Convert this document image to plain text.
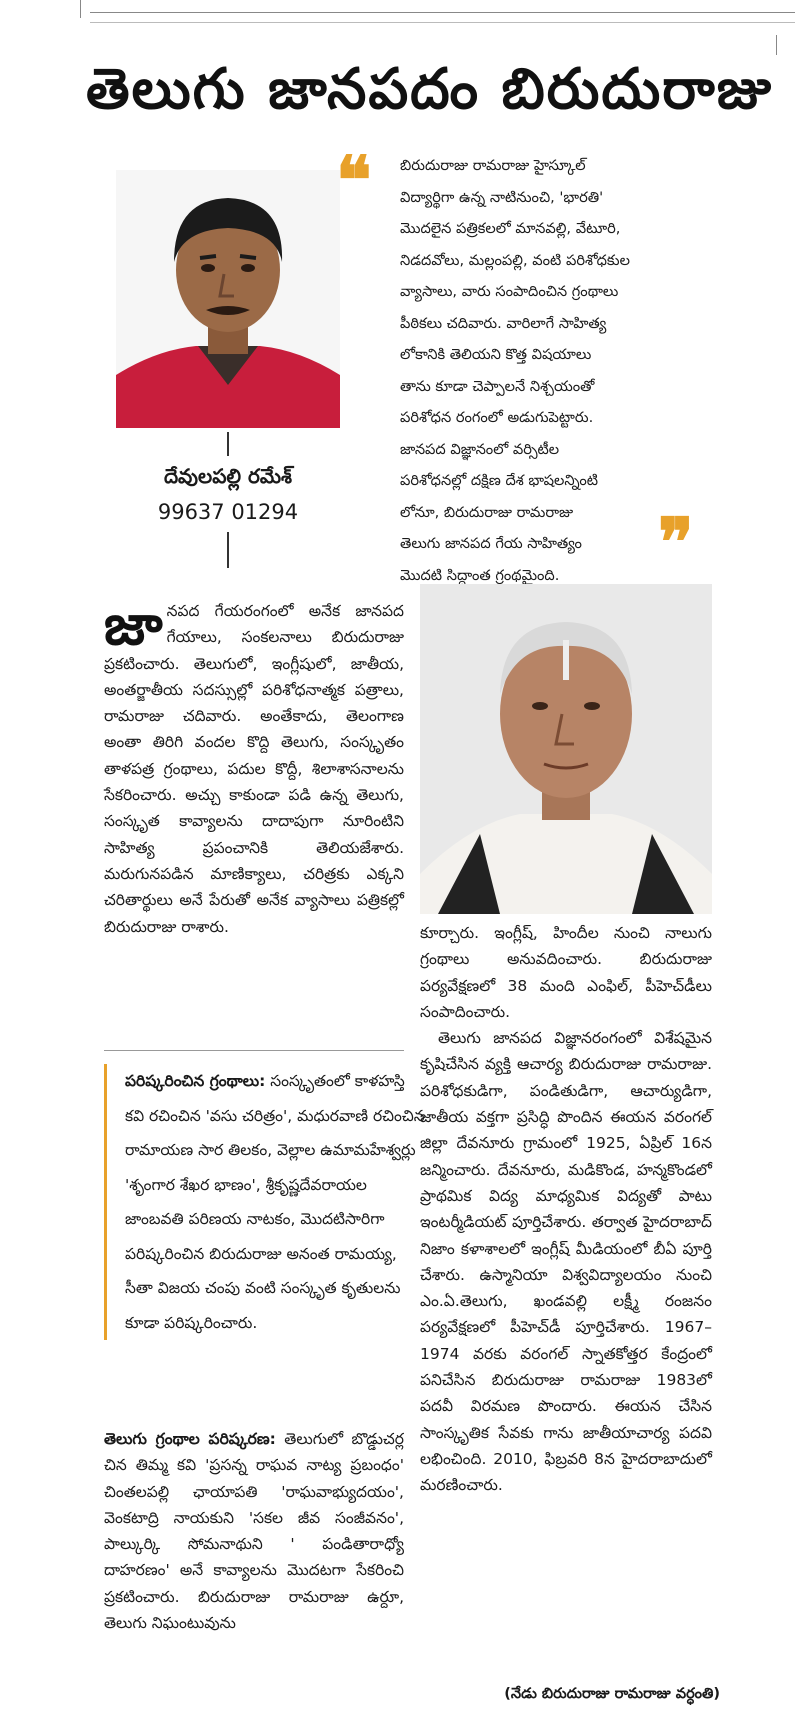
తెలుగు జానపదం బిరుదురాజు
దేవులపల్లి రమేశ్
99637 01294
❝ బిరుదురాజు రామరాజు హైస్కూల్
విద్యార్థిగా ఉన్న నాటినుంచి, 'భారతి'
మొదలైన పత్రికలలో మానవల్లి, వేటూరి,
నిడదవోలు, మల్లంపల్లి, వంటి పరిశోధకుల
వ్యాసాలు, వారు సంపాదించిన గ్రంథాలు
పీఠికలు చదివారు. వారిలాగే సాహిత్య
లోకానికి తెలియని కొత్త విషయాలు
తాను కూడా చెప్పాలనే నిశ్చయంతో
పరిశోధన రంగంలో అడుగుపెట్టారు.
జానపద విజ్ఞానంలో వర్సిటీల
పరిశోధనల్లో దక్షిణ దేశ భాషలన్నింటి
లోనూ, బిరుదురాజు రామరాజు
తెలుగు జానపద గేయ సాహిత్యం
మొదటి సిద్ధాంత గ్రంథమైంది.	❞

జానపద గేయరంగంలో అనేక జానపద గేయాలు, సంకలనాలు బిరుదురాజు ప్రకటించారు. తెలుగులో, ఇంగ్లీషులో, జాతీయ, అంతర్జాతీయ సదస్సుల్లో పరిశోధనాత్మక పత్రాలు, రామరాజు చదివారు. అంతేకాదు, తెలంగాణ అంతా తిరిగి వందల కొద్ది తెలుగు, సంస్కృతం తాళపత్ర గ్రంథాలు, పదుల కొద్దీ, శిలాశాసనాలను సేకరించారు. అచ్చు కాకుండా పడి ఉన్న తెలుగు, సంస్కృత కావ్యాలను దాదాపుగా నూరింటిని సాహిత్య ప్రపంచానికి తెలియజేశారు. మరుగునపడిన మాణిక్యాలు, చరిత్రకు ఎక్కని చరితార్థులు అనే పేరుతో అనేక వ్యాసాలు పత్రికల్లో బిరుదురాజు రాశారు.

పరిష్కరించిన గ్రంథాలు: సంస్కృతంలో కాళహస్తి కవి రచించిన 'వసు చరిత్రం', మధురవాణి రచించిన రామాయణ సార తిలకం, వెల్లాల ఉమామహేశ్వర్లు 'శృంగార శేఖర భాణం', శ్రీకృష్ణదేవరాయల జాంబవతి పరిణయ నాటకం, మొదటిసారిగా పరిష్కరించిన బిరుదురాజు అనంత రామయ్య, సీతా విజయ చంపు వంటి సంస్కృత కృతులను కూడా పరిష్కరించారు.

తెలుగు గ్రంథాల పరిష్కరణ: తెలుగులో బొడ్డుచర్ల చిన తిమ్మ కవి 'ప్రసన్న రాఘవ నాట్య ప్రబంధం' చింతలపల్లి ఛాయాపతి 'రాఘవాభ్యుదయం', వెంకటాద్రి నాయకుని 'సకల జీవ సంజీవనం', పాల్కుర్కి సోమనాథుని ' పండితారాధ్యో దాహరణం' అనే కావ్యాలను మొదటగా సేకరించి ప్రకటించారు. బిరుదురాజు రామరాజు ఉర్దూ, తెలుగు నిఘంటువును

కూర్చారు. ఇంగ్లీష్, హిందీల నుంచి నాలుగు గ్రంథాలు అనువదించారు. బిరుదురాజు పర్యవేక్షణలో 38 మంది ఎంఫిల్, పీహెచ్‌డీలు సంపాదించారు.

తెలుగు జానపద విజ్ఞానరంగంలో విశేషమైన కృషిచేసిన వ్యక్తి ఆచార్య బిరుదురాజు రామరాజు. పరిశోధకుడిగా, పండితుడిగా, ఆచార్యుడిగా, జాతీయ వక్తగా ప్రసిద్ధి పొందిన ఈయన వరంగల్ జిల్లా దేవనూరు గ్రామంలో 1925, ఏప్రిల్ 16న జన్మించారు. దేవనూరు, మడికొండ, హన్మకొండలో ప్రాథమిక విద్య మాధ్యమిక విద్యతో పాటు ఇంటర్మీడియట్ పూర్తిచేశారు. తర్వాత హైదరాబాద్ నిజాం కళాశాలలో ఇంగ్లీష్ మీడియంలో బీఏ పూర్తి చేశారు. ఉస్మానియా విశ్వవిద్యాలయం నుంచి ఎం.ఏ.తెలుగు, ఖండవల్లి లక్ష్మీ రంజనం పర్యవేక్షణలో పీహెచ్‌డీ పూర్తిచేశారు. 1967–1974 వరకు వరంగల్ స్నాతకోత్తర కేంద్రంలో పనిచేసిన బిరుదురాజు రామరాజు 1983లో పదవీ విరమణ పొందారు. ఈయన చేసిన సాంస్కృతిక సేవకు గాను జాతీయాచార్య పదవి లభించింది. 2010, ఫిబ్రవరి 8న హైదరాబాదులో మరణించారు.

(నేడు బిరుదురాజు రామరాజు వర్ధంతి)
